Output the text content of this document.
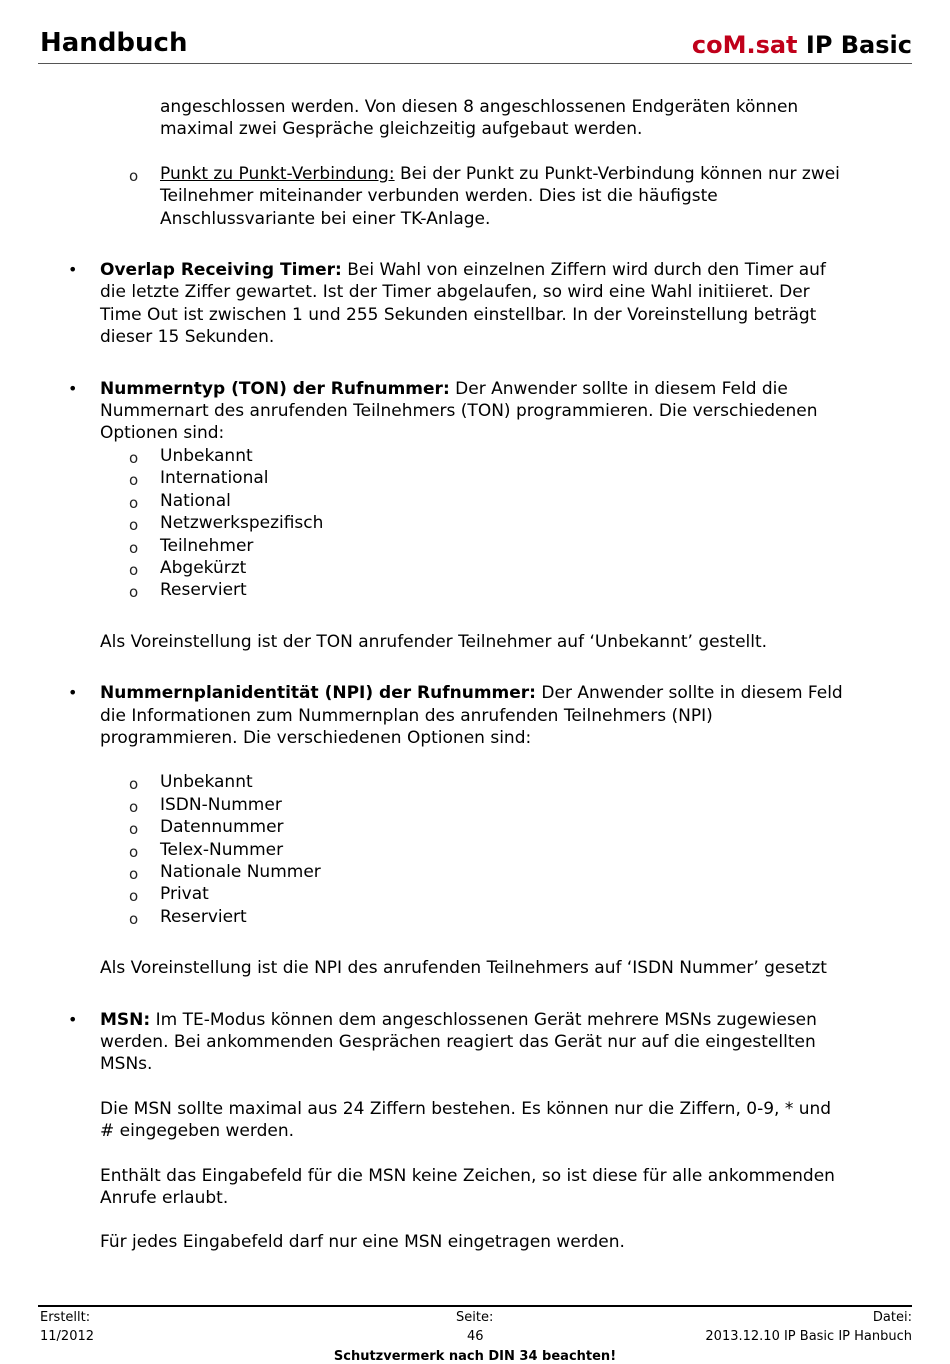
Handbuch	coM.sat IP Basic

angeschlossen werden. Von diesen 8 angeschlossenen Endgeräten können

maximal zwei Gespräche gleichzeitig aufgebaut werden.

o Punkt zu Punkt-Verbindung: Bei der Punkt zu Punkt-Verbindung können nur zwei

Teilnehmer miteinander verbunden werden. Dies ist die häufigste

Anschlussvariante bei einer TK-Anlage.

• Overlap Receiving Timer: Bei Wahl von einzelnen Ziffern wird durch den Timer auf

die letzte Ziffer gewartet. Ist der Timer abgelaufen, so wird eine Wahl initiieret. Der

Time Out ist zwischen 1 und 255 Sekunden einstellbar. In der Voreinstellung beträgt

dieser 15 Sekunden.

• Nummerntyp (TON) der Rufnummer: Der Anwender sollte in diesem Feld die

Nummernart des anrufenden Teilnehmers (TON) programmieren. Die verschiedenen

Optionen sind:

o Unbekannt

o International

o National

o Netzwerkspezifisch

o Teilnehmer

o Abgekürzt

o Reserviert

Als Voreinstellung ist der TON anrufender Teilnehmer auf ‘Unbekannt’ gestellt.

• Nummernplanidentität (NPI) der Rufnummer: Der Anwender sollte in diesem Feld

die Informationen zum Nummernplan des anrufenden Teilnehmers (NPI)

programmieren. Die verschiedenen Optionen sind:

o Unbekannt

o ISDN-Nummer

o Datennummer

o Telex-Nummer

o Nationale Nummer

o Privat

o Reserviert

Als Voreinstellung ist die NPI des anrufenden Teilnehmers auf ‘ISDN Nummer’ gesetzt

• MSN: Im TE-Modus können dem angeschlossenen Gerät mehrere MSNs zugewiesen

werden. Bei ankommenden Gesprächen reagiert das Gerät nur auf die eingestellten

MSNs.

Die MSN sollte maximal aus 24 Ziffern bestehen. Es können nur die Ziffern, 0-9, * und

# eingegeben werden.

Enthält das Eingabefeld für die MSN keine Zeichen, so ist diese für alle ankommenden

Anrufe erlaubt.

Für jedes Eingabefeld darf nur eine MSN eingetragen werden.

Erstellt:
11/2012
Seite:
46
Datei:
2013.12.10 IP Basic IP Hanbuch
Schutzvermerk nach DIN 34 beachten!
